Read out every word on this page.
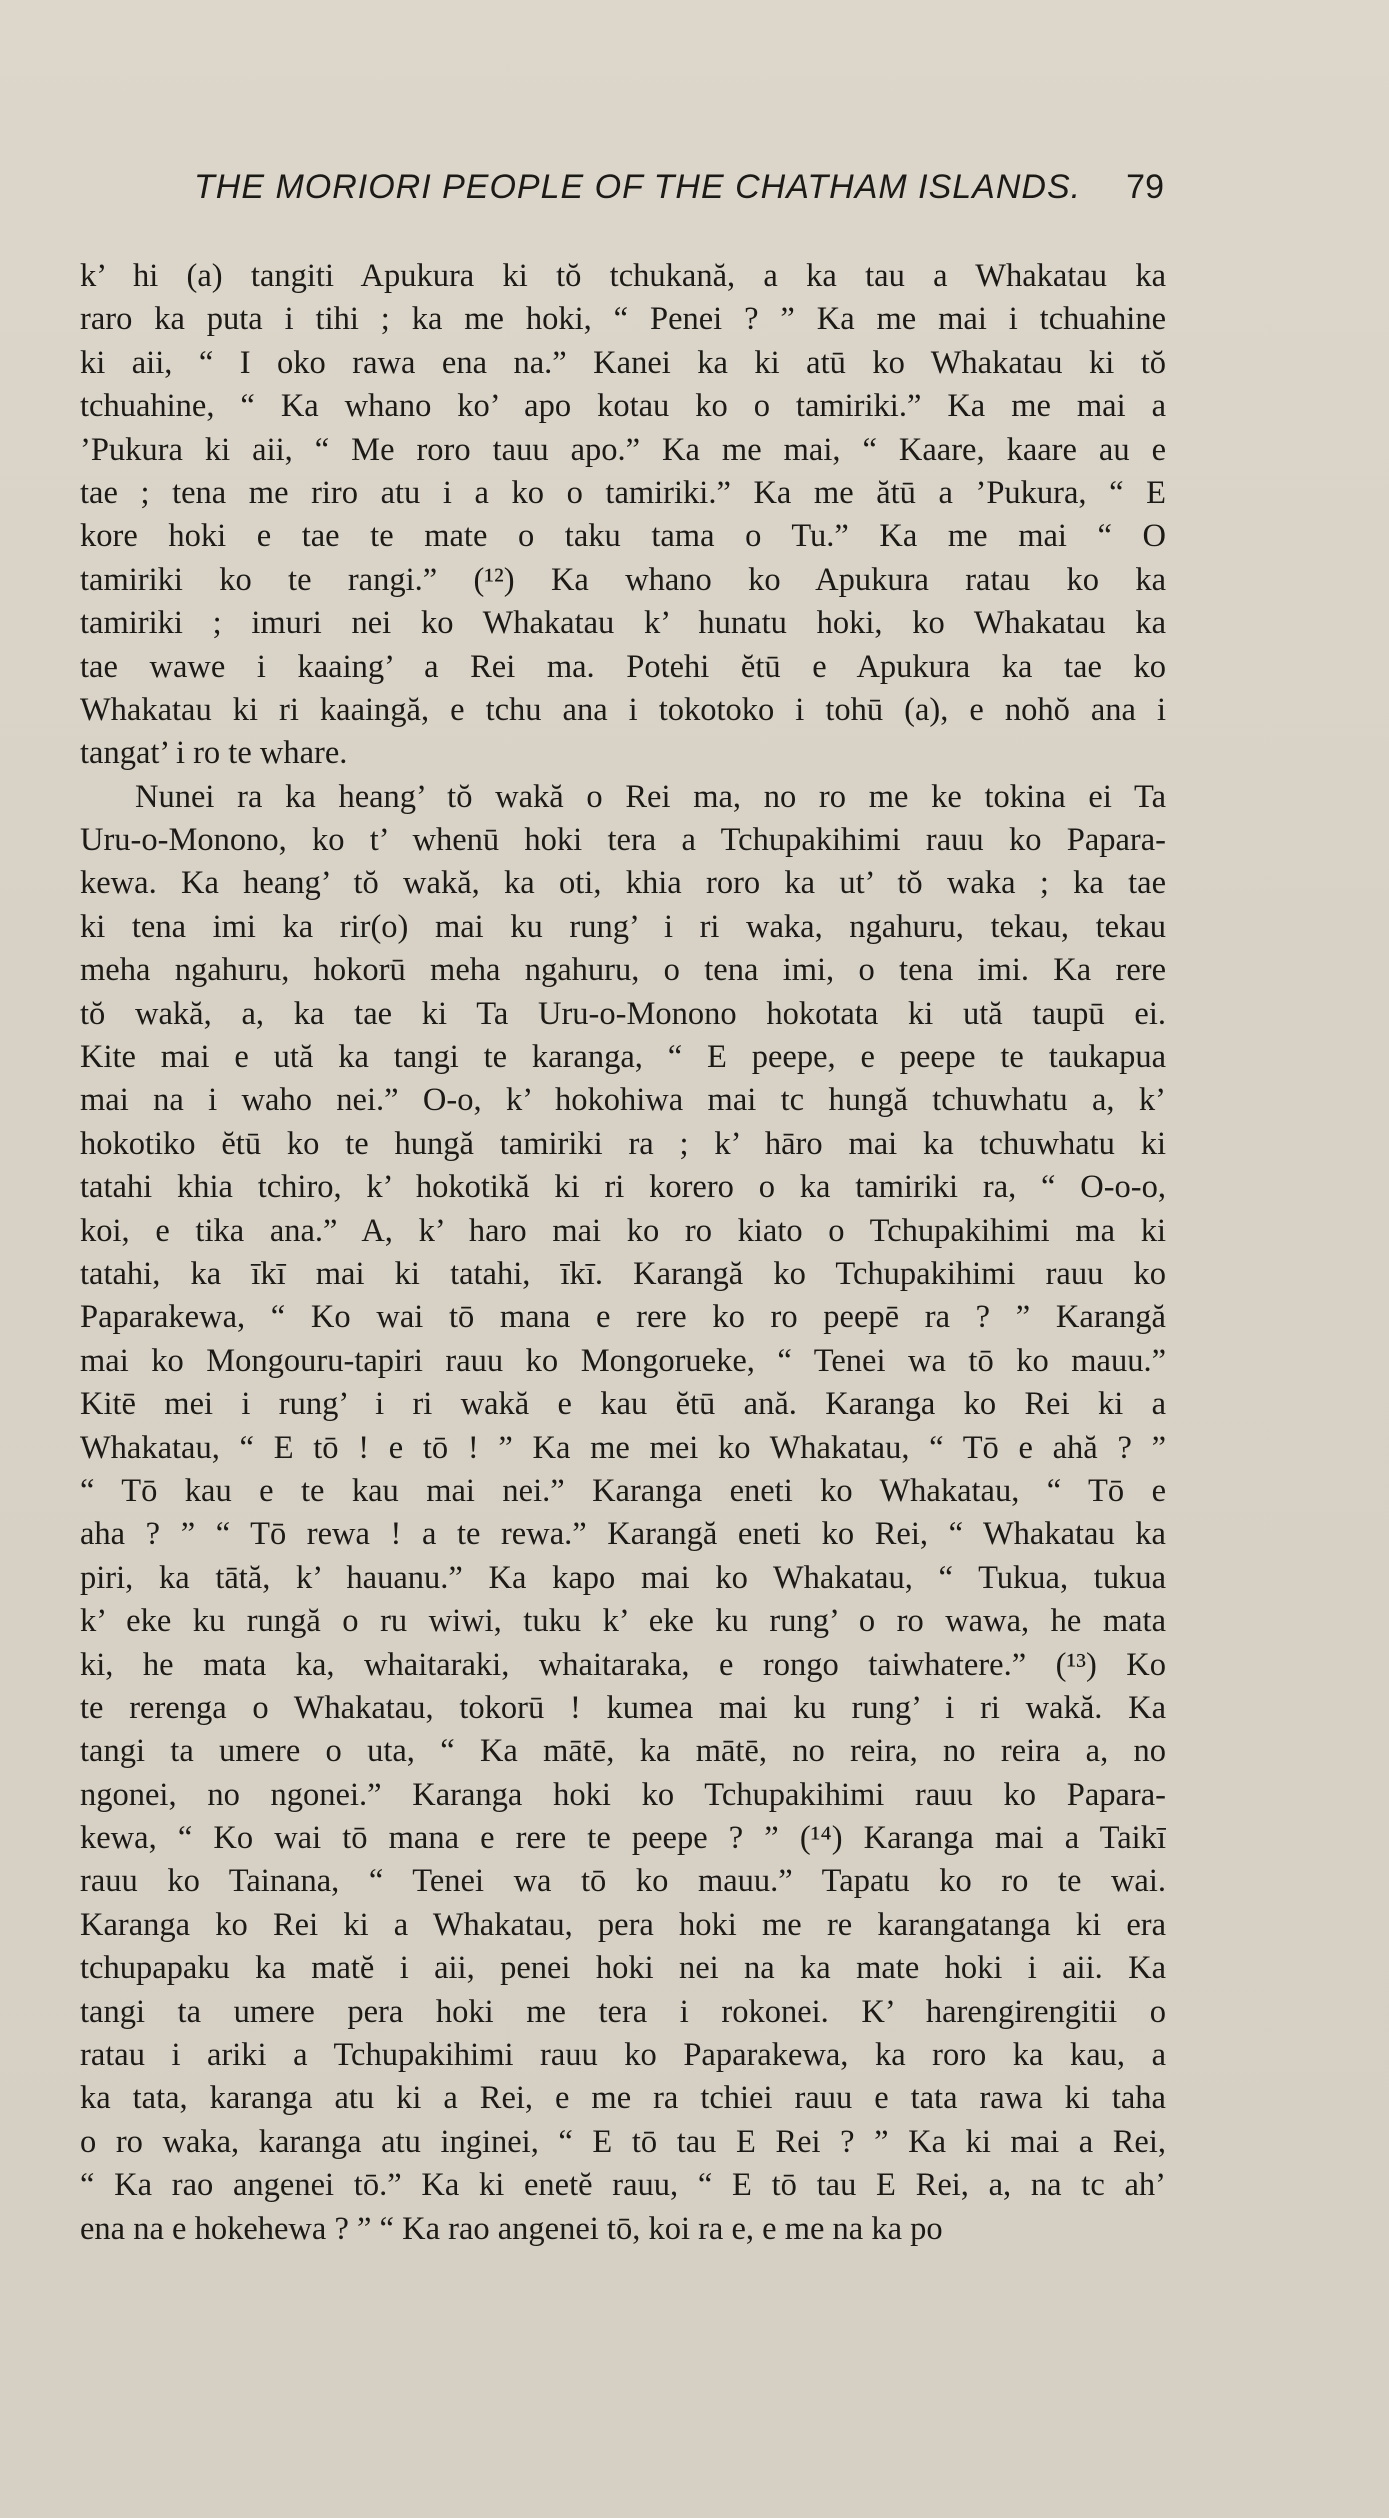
THE MORIORI PEOPLE OF THE CHATHAM ISLANDS. 79
k’ hi (a) tangiti Apukura ki tŏ tchukană, a ka tau a Whakatau ka
raro ka puta i tihi ; ka me hoki, “ Penei ? ” Ka me mai i tchuahine
ki aii, “ I oko rawa ena na.” Kanei ka ki atū ko Whakatau ki tŏ
tchuahine, “ Ka whano ko’ apo kotau ko o tamiriki.” Ka me mai a
’Pukura ki aii, “ Me roro tauu apo.” Ka me mai, “ Kaare, kaare au e
tae ; tena me riro atu i a ko o tamiriki.” Ka me ătū a ’Pukura, “ E
kore hoki e tae te mate o taku tama o Tu.” Ka me mai “ O
tamiriki ko te rangi.” (¹²) Ka whano ko Apukura ratau ko ka
tamiriki ; imuri nei ko Whakatau k’ hunatu hoki, ko Whakatau ka
tae wawe i kaaing’ a Rei ma. Potehi ĕtū e Apukura ka tae ko
Whakatau ki ri kaaingă, e tchu ana i tokotoko i tohū (a), e nohŏ ana i
tangat’ i ro te whare.
Nunei ra ka heang’ tŏ wakă o Rei ma, no ro me ke tokina ei Ta
Uru-o-Monono, ko t’ whenū hoki tera a Tchupakihimi rauu ko Papara-
kewa. Ka heang’ tŏ wakă, ka oti, khia roro ka ut’ tŏ waka ; ka tae
ki tena imi ka rir(o) mai ku rung’ i ri waka, ngahuru, tekau, tekau
meha ngahuru, hokorū meha ngahuru, o tena imi, o tena imi. Ka rere
tŏ wakă, a, ka tae ki Ta Uru-o-Mononо hokotata ki ută taupū ei.
Kite mai e ută ka tangi te karanga, “ E peepe, e peepe te taukapua
mai na i waho nei.” O-o, k’ hokohiwa mai tc hungă tchuwhatu a, k’
hokotiko ĕtū ko te hungă tamiriki ra ; k’ hāro mai ka tchuwhatu ki
tatahi khia tchiro, k’ hokotikă ki ri korero o ka tamiriki ra, “ O-o-o,
koi, e tika ana.” A, k’ haro mai ko ro kiato o Tchupakihimi ma ki
tatahi, ka īkī mai ki tatahi, īkī. Karangă ko Tchupakihimi rauu ko
Paparakewa, “ Ko wai tō mana e rere ko ro peepē ra ? ” Karangă
mai ko Mongouru-tapiri rauu ko Mongorueke, “ Tenei wa tō ko mauu.”
Kitē mei i rung’ i ri wakă e kau ĕtū ană. Karanga ko Rei ki a
Whakatau, “ E tō ! e tō ! ” Ka me mei ko Whakatau, “ Tō e ahă ? ”
“ Tō kau e te kau mai nei.” Karanga eneti ko Whakatau, “ Tō e
aha ? ” “ Tō rewa ! a te rewa.” Karangă eneti ko Rei, “ Whakatau ka
piri, ka tātă, k’ hauanu.” Ka kapo mai ko Whakatau, “ Tukua, tukua
k’ eke ku rungă o ru wiwi, tuku k’ eke ku rung’ o ro wawa, he mata
ki, he mata ka, whaitaraki, whaitaraka, e rongo taiwhatere.” (¹³) Ko
te rerenga o Whakatau, tokorū ! kumea mai ku rung’ i ri wakă. Ka
tangi ta umere o uta, “ Ka mātē, ka mātē, no reira, no reira a, no
ngonei, no ngonei.” Karanga hoki ko Tchupakihimi rauu ko Papara-
kewa, “ Ko wai tō mana e rere te peepe ? ” (¹⁴) Karanga mai a Taikī
rauu ko Tainana, “ Tenei wa tō ko mauu.” Tapatu ko ro te wai.
Karanga ko Rei ki a Whakatau, pera hoki me re karangatanga ki era
tchupapaku ka matĕ i aii, penei hoki nei na ka mate hoki i aii. Ka
tangi ta umere pera hoki me tera i rokonei. K’ harengirengitii o
ratau i ariki a Tchupakihimi rauu ko Paparakewa, ka roro ka kau, a
ka tata, karanga atu ki a Rei, e me ra tchiei rauu e tata rawa ki taha
o ro waka, karanga atu inginei, “ E tō tau E Rei ? ” Ka ki mai a Rei,
“ Ka rao angenei tō.” Ka ki enetĕ rauu, “ E tō tau E Rei, a, na tc ah’
ena na e hokehewa ? ” “ Ka rao angenei tō, koi ra e, e me na ka po
